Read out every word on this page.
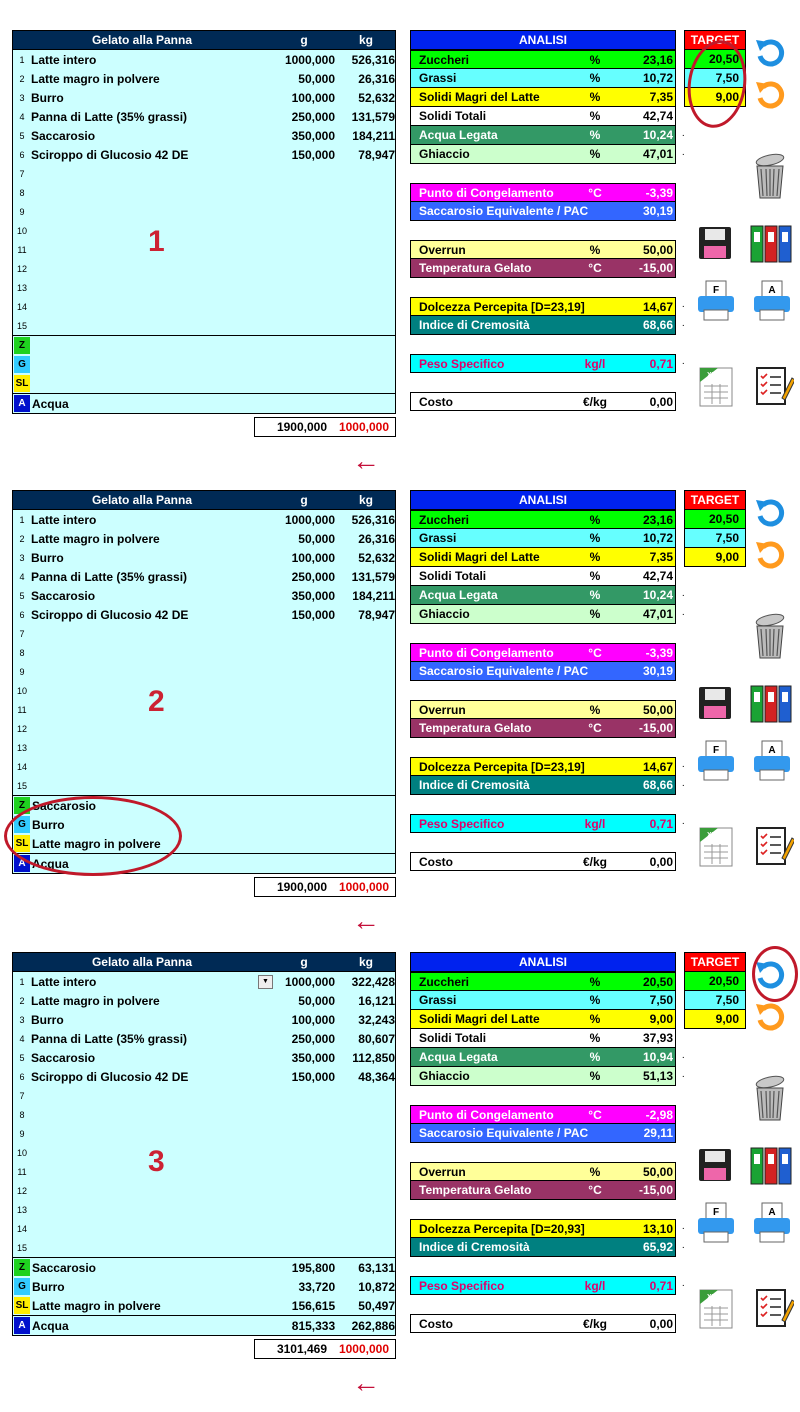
Gelato alla Panna	g	kg
1 Latte intero	1000,000	526,316
2 Latte magro in polvere	50,000	26,316
3 Burro	100,000	52,632
4 Panna di Latte (35% grassi)	250,000	131,579
5 Saccarosio	350,000	184,211
6 Sciroppo di Glucosio 42 DE	150,000	78,947
7
8
9
10
11
12
13
14
15
Z
G
SL
A Acqua
1
1900,000 1000,000
←
ANALISI
Zuccheri	%	23,16
Grassi	%	10,72
Solidi Magri del Latte	%	7,35
Solidi Totali	%	42,74
Acqua Legata	%	10,24 ·
Ghiaccio	%	47,01 ·
Punto di Congelamento	°C	-3,39
Saccarosio Equivalente / PAC	30,19
Overrun	%	50,00
Temperatura Gelato	°C	-15,00
Dolcezza Percepita [D=23,19]	14,67 ·
Indice di Cremosità	68,66 ·
Peso Specifico	kg/l	0,71 ·
Costo	€/kg	0,00
TARGET
20,50
7,50
9,00
F	A
XLS
Gelato alla Panna	g	kg
1 Latte intero	1000,000	526,316
2 Latte magro in polvere	50,000	26,316
3 Burro	100,000	52,632
4 Panna di Latte (35% grassi)	250,000	131,579
5 Saccarosio	350,000	184,211
6 Sciroppo di Glucosio 42 DE	150,000	78,947
7
8
9
10
11
12
13
14
15
Z Saccarosio
G Burro
SL Latte magro in polvere
A Acqua
2
1900,000 1000,000
←
ANALISI
Zuccheri	%	23,16
Grassi	%	10,72
Solidi Magri del Latte	%	7,35
Solidi Totali	%	42,74
Acqua Legata	%	10,24 ·
Ghiaccio	%	47,01 ·
Punto di Congelamento	°C	-3,39
Saccarosio Equivalente / PAC	30,19
Overrun	%	50,00
Temperatura Gelato	°C	-15,00
Dolcezza Percepita [D=23,19]	14,67 ·
Indice di Cremosità	68,66 ·
Peso Specifico	kg/l	0,71 ·
Costo	€/kg	0,00
TARGET
20,50
7,50
9,00
F	A
XLS
Gelato alla Panna	g	kg
1 Latte intero	1000,000	322,428
▼
2 Latte magro in polvere	50,000	16,121
3 Burro	100,000	32,243
4 Panna di Latte (35% grassi)	250,000	80,607
5 Saccarosio	350,000	112,850
6 Sciroppo di Glucosio 42 DE	150,000	48,364
7
8
9
10
11
12
13
14
15
Z Saccarosio	195,800	63,131
G Burro	33,720	10,872
SL Latte magro in polvere	156,615	50,497
A Acqua	815,333	262,886
3
3101,469 1000,000
←
ANALISI
Zuccheri	%	20,50
Grassi	%	7,50
Solidi Magri del Latte	%	9,00
Solidi Totali	%	37,93
Acqua Legata	%	10,94 ·
Ghiaccio	%	51,13 ·
Punto di Congelamento	°C	-2,98
Saccarosio Equivalente / PAC	29,11
Overrun	%	50,00
Temperatura Gelato	°C	-15,00
Dolcezza Percepita [D=20,93]	13,10 ·
Indice di Cremosità	65,92 ·
Peso Specifico	kg/l	0,71 ·
Costo	€/kg	0,00
TARGET
20,50
7,50
9,00
F	A
XLS
